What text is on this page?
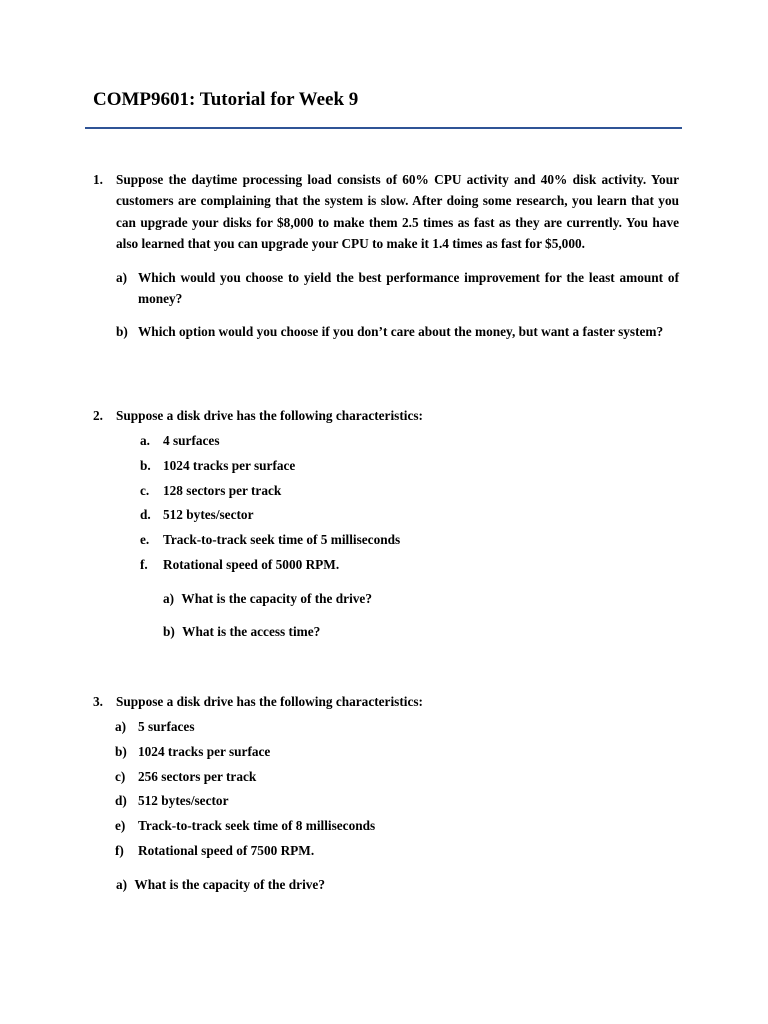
COMP9601: Tutorial for Week 9
1. Suppose the daytime processing load consists of 60% CPU activity and 40% disk activity. Your customers are complaining that the system is slow. After doing some research, you learn that you can upgrade your disks for $8,000 to make them 2.5 times as fast as they are currently. You have also learned that you can upgrade your CPU to make it 1.4 times as fast for $5,000.
a) Which would you choose to yield the best performance improvement for the least amount of money?
b) Which option would you choose if you don’t care about the money, but want a faster system?
2. Suppose a disk drive has the following characteristics:
a. 4 surfaces
b. 1024 tracks per surface
c. 128 sectors per track
d. 512 bytes/sector
e. Track-to-track seek time of 5 milliseconds
f. Rotational speed of 5000 RPM.
a) What is the capacity of the drive?
b) What is the access time?
3. Suppose a disk drive has the following characteristics:
a) 5 surfaces
b) 1024 tracks per surface
c) 256 sectors per track
d) 512 bytes/sector
e) Track-to-track seek time of 8 milliseconds
f) Rotational speed of 7500 RPM.
a) What is the capacity of the drive?
